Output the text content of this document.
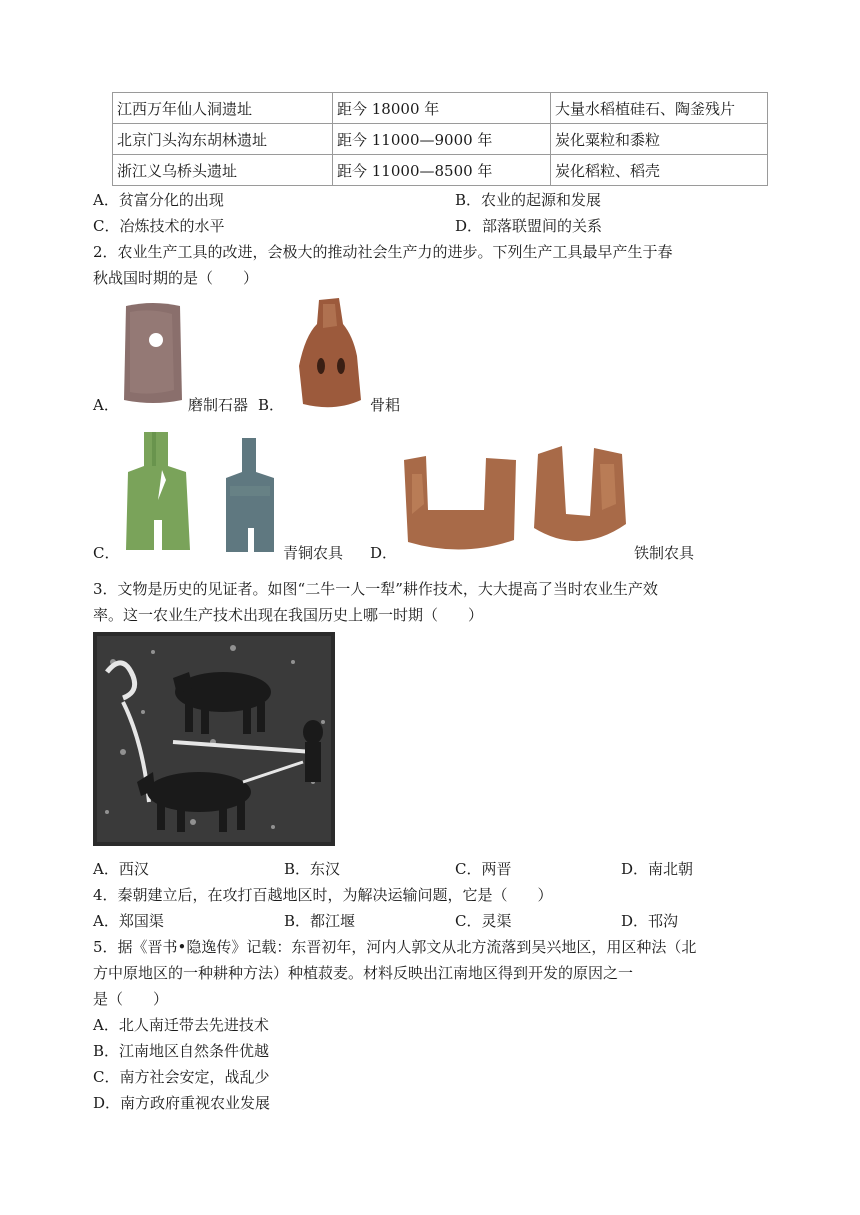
江西万年仙人洞遗址	距今 18000 年	大量水稻植硅石、陶釜残片
北京门头沟东胡林遗址	距今 11000—9000 年	炭化粟粒和黍粒
浙江义乌桥头遗址	距今 11000—8500 年	炭化稻粒、稻壳
A．贫富分化的出现	B．农业的起源和发展
C．冶炼技术的水平	D．部落联盟间的关系
2．农业生产工具的改进，会极大的推动社会生产力的进步。下列生产工具最早产生于春
秋战国时期的是（　　）
A．	磨制石器 B．	骨耜
C．	青铜农具 D．	铁制农具
3．文物是历史的见证者。如图“二牛一人一犁”耕作技术，大大提高了当时农业生产效
率。这一农业生产技术出现在我国历史上哪一时期（　　）
A．西汉	B．东汉	C．两晋	D．南北朝
4．秦朝建立后，在攻打百越地区时，为解决运输问题，它是（　　）
A．郑国渠	B．都江堰	C．灵渠	D．邗沟
5．据《晋书•隐逸传》记载：东晋初年，河内人郭文从北方流落到吴兴地区，用区种法（北
方中原地区的一种耕种方法）种植菽麦。材料反映出江南地区得到开发的原因之一
是（　　）
A．北人南迁带去先进技术
B．江南地区自然条件优越
C．南方社会安定，战乱少
D．南方政府重视农业发展
